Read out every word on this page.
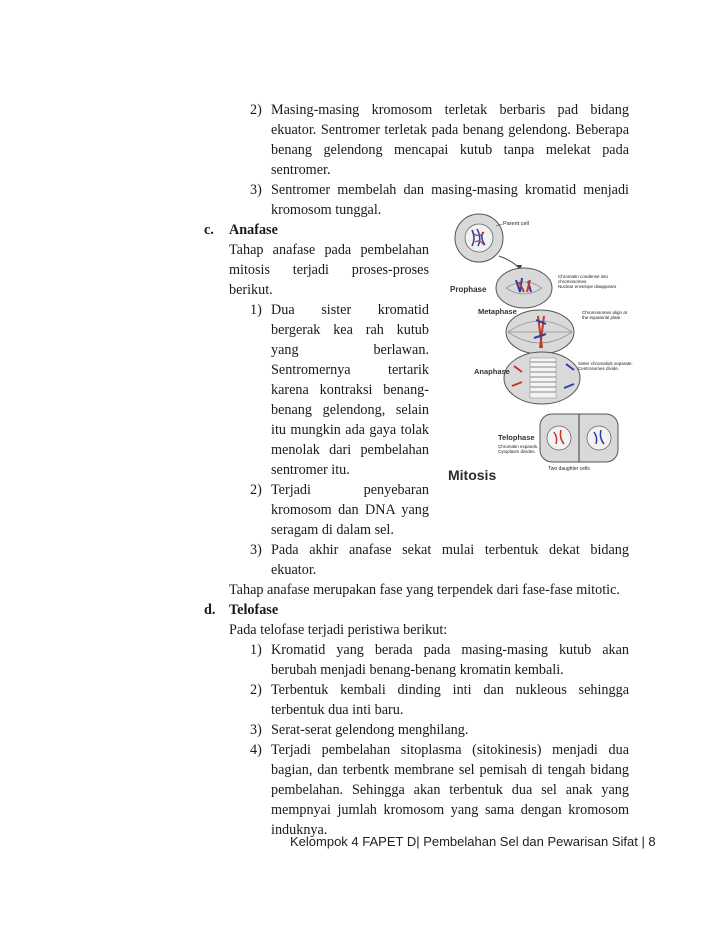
2) Masing-masing kromosom terletak berbaris pad bidang
ekuator. Sentromer terletak pada benang gelendong. Beberapa
benang gelendong mencapai kutub tanpa melekat pada
sentromer.
3) Sentromer membelah dan masing-masing kromatid menjadi
kromosom tunggal.
c. Anafase
Tahap anafase pada pembelahan
mitosis terjadi proses-proses
berikut.
1) Dua sister kromatid
bergerak kea rah kutub
yang berlawan.
Sentromernya tertarik
karena kontraksi benang-
benang gelendong, selain
itu mungkin ada gaya tolak
menolak dari pembelahan
sentromer itu.
2) Terjadi penyebaran
kromosom dan DNA yang
seragam di dalam sel.
3) Pada akhir anafase sekat mulai terbentuk dekat bidang
ekuator.
Tahap anafase merupakan fase yang terpendek dari fase-fase mitotic.
d. Telofase
Pada telofase terjadi peristiwa berikut:
1) Kromatid yang berada pada masing-masing kutub akan
berubah menjadi benang-benang kromatin kembali.
2) Terbentuk kembali dinding inti dan nukleous sehingga
terbentuk dua inti baru.
3) Serat-serat gelendong menghilang.
4) Terjadi pembelahan sitoplasma (sitokinesis) menjadi dua
bagian, dan terbentk membrane sel pemisah di tengah bidang
pembelahan. Sehingga akan terbentuk dua sel anak yang
mempnyai jumlah kromosom yang sama dengan kromosom
induknya.
Parent cell
Prophase
Chromatin condense into
chromosomes.
Nuclear envelope disappears
Metaphase	Chromosomes align at
the equatorial plate.
Anaphase
Sister chromatids separate.
Centrosomes divide.
Telophase
Chromatin expands.
Cytoplasm divides.
Two daughter cells
Mitosis
Kelompok 4 FAPET D| Pembelahan Sel dan Pewarisan Sifat | 8
